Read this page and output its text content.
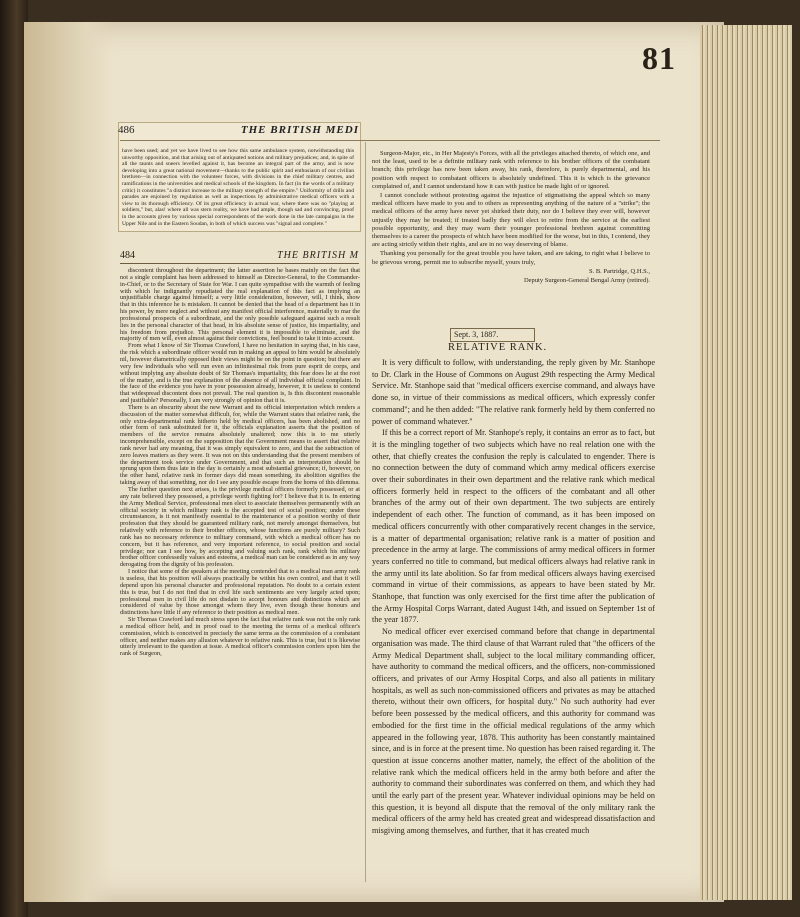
81
486	THE BRITISH MEDI
have been used; and yet we have lived to see how this same ambulance system, notwithstanding this unworthy opposition, and that arising out of antiquated notions and military prejudices; and, in spite of all the taunts and sneers levelled against it, has become an integral part of the army, and is now developing into a great national movement—thanks to the public spirit and enthusiasm of our civilian brethren—in connection with the volunteer forces, with divisions in the chief military centres, and ramifications in the universities and medical schools of the kingdom. In fact (in the words of a military critic) it constitutes "a distinct increase to the military strength of the empire." Uniformity of drills and parades are enjoined by regulation as well as inspections by administrative medical officers with a view to its thorough efficiency. Of its great efficiency in actual war, where there was no "playing at soldiers," but, alas! where all was stern reality, we have had ample, though sad and convincing, proof in the accounts given by various special correspondents of the work done in the late campaigns in the Upper Nile and in the Eastern Soudan, in both of which success was "signal and complete."
484	THE BRITISH M

discontent throughout the department; the latter assertion he bases mainly on the fact that not a single complaint has been addressed to himself as Director-General, to the Commander-in-Chief, or to the Secretary of State for War. I can quite sympathise with the warmth of feeling with which he indignantly repudiated the real explanation of this fact as implying an unjustifiable charge against himself; a very little consideration, however, will, I think, show that in this inference he is mistaken. It cannot be denied that the head of a department has it in his power, by mere neglect and without any manifest official interference, materially to mar the professional prospects of a subordinate, and the only possible safeguard against such a result lies in the personal character of that head, in his absolute sense of justice, his impartiality, and his freedom from prejudice. This personal element it is impossible to eliminate, and the majority of men will, even almost against their convictions, feel bound to take it into account.

From what I know of Sir Thomas Crawford, I have no hesitation in saying that, in his case, the risk which a subordinate officer would run in making an appeal to him would be absolutely nil, however diametrically opposed their views might be on the point in question; but there are very few individuals who will run even an infinitesimal risk from pure esprit de corps, and without implying any absolute doubt of Sir Thomas's impartiality, this fear does lie at the root of the matter, and is the true explanation of the absence of all individual official complaint. In the face of the evidence you have in your possession already, however, it is useless to contend that widespread discontent does not prevail. The real question is, Is this discontent reasonable and justifiable? Personally, I am very strongly of opinion that it is.

There is an obscurity about the new Warrant and its official interpretation which renders a discussion of the matter somewhat difficult, for, while the Warrant states that relative rank, the only extra-departmental rank hitherto held by medical officers, has been abolished, and no other form of rank substituted for it, the officials explanation asserts that the position of members of the service remains absolutely unaltered; now this is to me utterly incomprehensible, except on the supposition that the Government means to assert that relative rank never had any meaning, that it was simply equivalent to zero, and that the subtraction of zero leaves matters as they were. It was not on this understanding that the present members of the department took service under Government, and that such an interpretation should be sprung upon them thus late in the day is certainly a most substantial grievance; if, however, on the other hand, relative rank in former days did mean something, its abolition signifies the taking away of that something, nor do I see any possible escape from the horns of this dilemma.

The further question next arises, is the privilege medical officers formerly possessed, or at any rate believed they possessed, a privilege worth fighting for? I believe that it is. In entering the Army Medical Service, professional men elect to associate themselves permanently with an official society in which military rank is the accepted test of social position; under these circumstances, is it not manifestly essential to the maintenance of a position worthy of their profession that they should be guaranteed military rank, not merely amongst themselves, but relatively with reference to their brother officers, whose functions are purely military? Such rank has no necessary reference to military command, with which a medical officer has no concern, but it has reference, and very important reference, to social position and social privilege; nor can I see how, by accepting and valuing such rank, rank which his military brother officer confessedly values and esteems, a medical man can be considered as in any way derogating from the dignity of his profession.

I notice that some of the speakers at the meeting contended that to a medical man army rank is useless, that his position will always practically be within his own control, and that it will depend upon his personal character and professional reputation. No doubt to a certain extent this is true, but I do not find that in civil life such sentiments are very largely acted upon; professional men in civil life do not disdain to accept honours and distinctions which are considered of value by those amongst whom they live, even though these honours and distinctions have little if any reference to their position as medical men.

Sir Thomas Crawford laid much stress upon the fact that relative rank was not the only rank a medical officer held, and in proof read to the meeting the terms of a medical officer's commission, which is conceived in precisely the same terms as the commission of a combatant officer, and neither makes any allusion whatever to relative rank. This is true, but it is likewise utterly irrelevant to the question at issue. A medical officer's commission confers upon him the rank of Surgeon,

Surgeon-Major, etc., in Her Majesty's Forces, with all the privileges attached thereto, of which one, and not the least, used to be a definite military rank with reference to his brother officers of the combatant branch; this privilege has now been taken away, his rank, therefore, is purely departmental, and his position with respect to combatant officers is absolutely undefined. This it is which is the grievance complained of, and I cannot understand how it can with justice be made light of or ignored.

I cannot conclude without protesting against the injustice of stigmatising the appeal which so many medical officers have made to you and to others as representing anything of the nature of a "strike"; the medical officers of the army have never yet shirked their duty, nor do I believe they ever will, however unjustly they may be treated; if treated badly they will elect to retire from the service at the earliest possible opportunity, and they may warn their younger professional brethren against committing themselves to a career the prospects of which have been modified for the worse, but in this, I contend, they are acting strictly within their rights, and are in no way deserving of blame.

Thanking you personally for the great trouble you have taken, and are taking, to right what I believe to be grievous wrong, permit me to subscribe myself, yours truly,

S. B. Partridge, Q.H.S.,

Deputy Surgeon-General Bengal Army (retired).

Sept. 3, 1887.
RELATIVE RANK.

It is very difficult to follow, with understanding, the reply given by Mr. Stanhope to Dr. Clark in the House of Commons on August 29th respecting the Army Medical Service. Mr. Stanhope said that "medical officers exercise command, and always have done so, in virtue of their commissions as medical officers, which expressly confer command"; and he then added: "The relative rank formerly held by them conferred no power of command whatever."

If this be a correct report of Mr. Stanhope's reply, it contains an error as to fact, but it is the mingling together of two subjects which have no real relation one with the other, that chiefly creates the confusion the reply is calculated to engender. There is no connection between the duty of command which army medical officers exercise over their subordinates in their own department and the relative rank which medical officers formerly held in respect to the officers of the combatant and all other branches of the army out of their own department. The two subjects are entirely independent of each other. The function of command, as it has been imposed on medical officers concurrently with other comparatively recent changes in the service, is a matter of departmental organisation; relative rank is a matter of position and precedence in the army at large. The commissions of army medical officers in former years conferred no title to command, but medical officers always had relative rank in the army until its late abolition. So far from medical officers always having exercised command in virtue of their commissions, as appears to have been stated by Mr. Stanhope, that function was only exercised for the first time after the publication of the Army Hospital Corps Warrant, dated August 14th, and issued on September 1st of the year 1877.

No medical officer ever exercised command before that change in departmental organisation was made. The third clause of that Warrant ruled that "the officers of the Army Medical Department shall, subject to the local military commanding officer, have authority to command the medical officers, and the officers, non-commissioned officers, and privates of our Army Hospital Corps, and also all patients in military hospitals, as well as such non-commissioned officers and privates as may be attached thereto, without their own officers, for hospital duty." No such authority had ever before been possessed by the medical officers, and this authority for command was embodied for the first time in the official medical regulations of the army which appeared in the following year, 1878. This authority has been constantly maintained since, and is in force at the present time. No question has been raised regarding it. The question at issue concerns another matter, namely, the effect of the abolition of the relative rank which the medical officers held in the army both before and after the authority to command their subordinates was conferred on them, and which they had until the early part of the present year. Whatever individual opinions may be held on this question, it is beyond all dispute that the removal of the only military rank the medical officers of the army held has created great and widespread dissatisfaction and misgiving among themselves, and further, that it has created much
